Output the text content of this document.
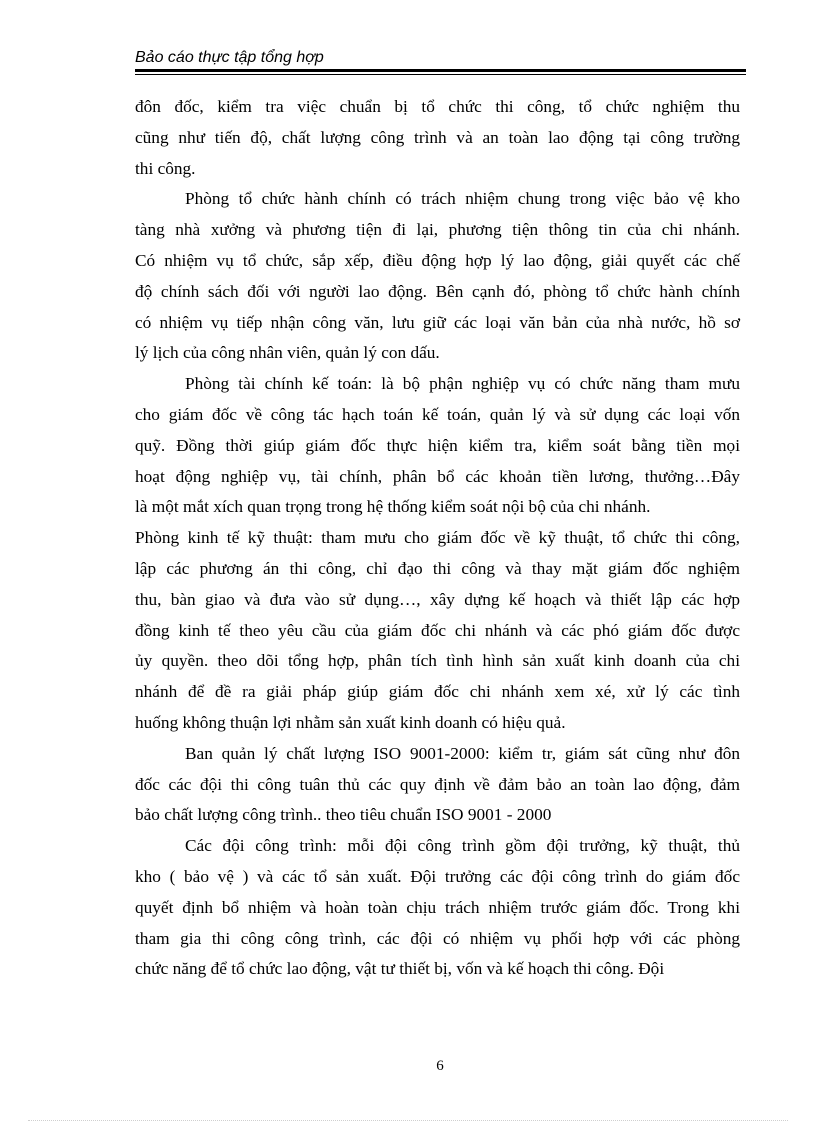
Bảo cáo thực tập tổng hợp

đôn đốc, kiểm tra việc chuẩn bị tổ chức thi công, tổ chức nghiệm thu
cũng như tiến độ, chất lượng công trình và an toàn lao động tại công trường
thi công.

Phòng tổ chức hành chính có trách nhiệm chung trong việc bảo vệ kho
tàng nhà xưởng và phương tiện đi lại, phương tiện thông tin của chi nhánh.
Có nhiệm vụ tổ chức, sắp xếp, điều động hợp lý lao động, giải quyết các chế
độ chính sách đối với người lao động. Bên cạnh đó, phòng tổ chức hành chính
có nhiệm vụ tiếp nhận công văn, lưu giữ các loại văn bản của nhà nước, hồ sơ
lý lịch của công nhân viên, quản lý con dấu.

Phòng tài chính kế toán: là bộ phận nghiệp vụ có chức năng tham mưu
cho giám đốc về công tác hạch toán kế toán, quản lý và sử dụng các loại vốn
quỹ. Đồng thời giúp giám đốc thực hiện kiểm tra, kiểm soát bằng tiền mọi
hoạt động nghiệp vụ, tài chính, phân bổ các khoản tiền lương, thưởng…Đây
là một mắt xích quan trọng trong hệ thống kiểm soát nội bộ của chi nhánh.

Phòng kinh tế kỹ thuật: tham mưu cho giám đốc về kỹ thuật, tổ chức thi công,
lập các phương án thi công, chỉ đạo thi công và thay mặt giám đốc nghiệm
thu, bàn giao và đưa vào sử dụng…, xây dựng kế hoạch và thiết lập các hợp
đồng kinh tế theo yêu cầu của giám đốc chi nhánh và các phó giám đốc được
ủy quyền. theo dõi tổng hợp, phân tích tình hình sản xuất kinh doanh của chi
nhánh để đề ra giải pháp giúp giám đốc chi nhánh xem xé, xử lý các tình
huống không thuận lợi nhằm sản xuất kinh doanh có hiệu quả.

Ban quản lý chất lượng ISO 9001-2000: kiểm tr, giám sát cũng như đôn
đốc các đội thi công tuân thủ các quy định về đảm bảo an toàn lao động, đảm
bảo chất lượng công trình.. theo tiêu chuẩn ISO 9001 - 2000

Các đội công trình: mỗi đội công trình gồm đội trưởng, kỹ thuật, thủ
kho ( bảo vệ ) và các tổ sản xuất. Đội trưởng các đội công trình do giám đốc
quyết định bổ nhiệm và hoàn toàn chịu trách nhiệm trước giám đốc. Trong khi
tham gia thi công công trình, các đội có nhiệm vụ phối hợp với các phòng
chức năng để tổ chức lao động, vật tư thiết bị, vốn và kế hoạch thi công. Đội

6
